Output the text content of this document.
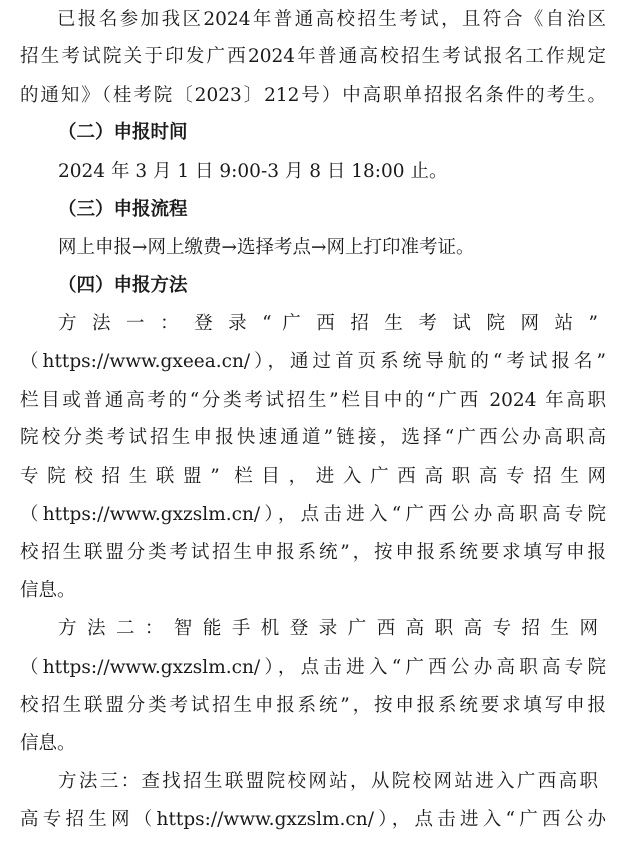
已报名参加我区2024年普通高校招生考试，且符合《自治区
招生考试院关于印发广西2024年普通高校招生考试报名工作规定
的通知》（桂考院〔2023〕212号）中高职单招报名条件的考生。
（二）申报时间
2024 年 3 月 1 日 9:00-3 月 8 日 18:00 止。
（三）申报流程
网上申报→网上缴费→选择考点→网上打印准考证。
（四）申报方法
方 法 一 ： 登 录 “ 广 西 招 生 考 试 院 网 站 ”
（https://www.gxeea.cn/），通过首页系统导航的“考试报名”
栏目或普通高考的“分类考试招生”栏目中的“广西 2024 年高职
院校分类考试招生申报快速通道”链接，选择“广西公办高职高
专院校招生联盟” 栏目，进入广西高职高专招生网
（https://www.gxzslm.cn/），点击进入“广西公办高职高专院
校招生联盟分类考试招生申报系统”，按申报系统要求填写申报
信息。
方 法 二 ： 智 能 手 机 登 录 广 西 高 职 高 专 招 生 网
（https://www.gxzslm.cn/），点击进入“广西公办高职高专院
校招生联盟分类考试招生申报系统”，按申报系统要求填写申报
信息。
方法三：查找招生联盟院校网站，从院校网站进入广西高职
高专招生网（https://www.gxzslm.cn/），点击进入“广西公办
